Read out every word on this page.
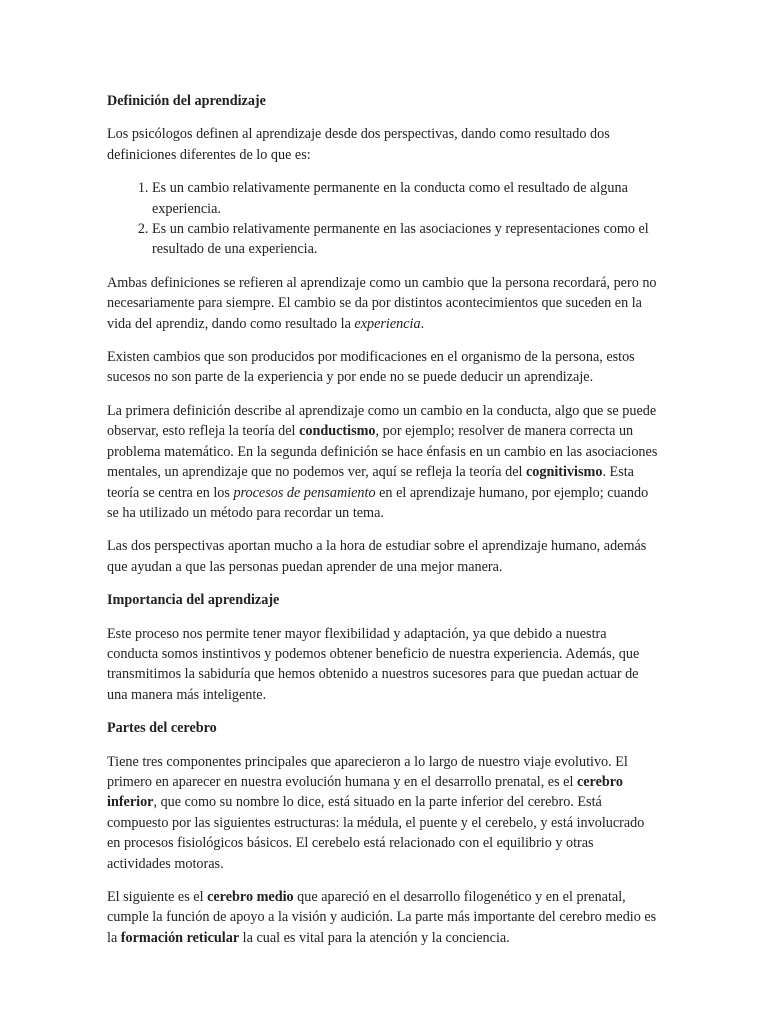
Definición del aprendizaje

Los psicólogos definen al aprendizaje desde dos perspectivas, dando como resultado dos definiciones diferentes de lo que es:

1. Es un cambio relativamente permanente en la conducta como el resultado de alguna experiencia.
2. Es un cambio relativamente permanente en las asociaciones y representaciones como el resultado de una experiencia.

Ambas definiciones se refieren al aprendizaje como un cambio que la persona recordará, pero no necesariamente para siempre. El cambio se da por distintos acontecimientos que suceden en la vida del aprendiz, dando como resultado la experiencia.

Existen cambios que son producidos por modificaciones en el organismo de la persona, estos sucesos no son parte de la experiencia y por ende no se puede deducir un aprendizaje.

La primera definición describe al aprendizaje como un cambio en la conducta, algo que se puede observar, esto refleja la teoría del conductismo, por ejemplo; resolver de manera correcta un problema matemático. En la segunda definición se hace énfasis en un cambio en las asociaciones mentales, un aprendizaje que no podemos ver, aquí se refleja la teoría del cognitivismo. Esta teoría se centra en los procesos de pensamiento en el aprendizaje humano, por ejemplo; cuando se ha utilizado un método para recordar un tema.

Las dos perspectivas aportan mucho a la hora de estudiar sobre el aprendizaje humano, además que ayudan a que las personas puedan aprender de una mejor manera.

Importancia del aprendizaje

Este proceso nos permite tener mayor flexibilidad y adaptación, ya que debido a nuestra conducta somos instintivos y podemos obtener beneficio de nuestra experiencia. Además, que transmitimos la sabiduría que hemos obtenido a nuestros sucesores para que puedan actuar de una manera más inteligente.

Partes del cerebro

Tiene tres componentes principales que aparecieron a lo largo de nuestro viaje evolutivo. El primero en aparecer en nuestra evolución humana y en el desarrollo prenatal, es el cerebro inferior, que como su nombre lo dice, está situado en la parte inferior del cerebro. Está compuesto por las siguientes estructuras: la médula, el puente y el cerebelo, y está involucrado en procesos fisiológicos básicos. El cerebelo está relacionado con el equilibrio y otras actividades motoras.

El siguiente es el cerebro medio que apareció en el desarrollo filogenético y en el prenatal, cumple la función de apoyo a la visión y audición. La parte más importante del cerebro medio es la formación reticular la cual es vital para la atención y la conciencia.
